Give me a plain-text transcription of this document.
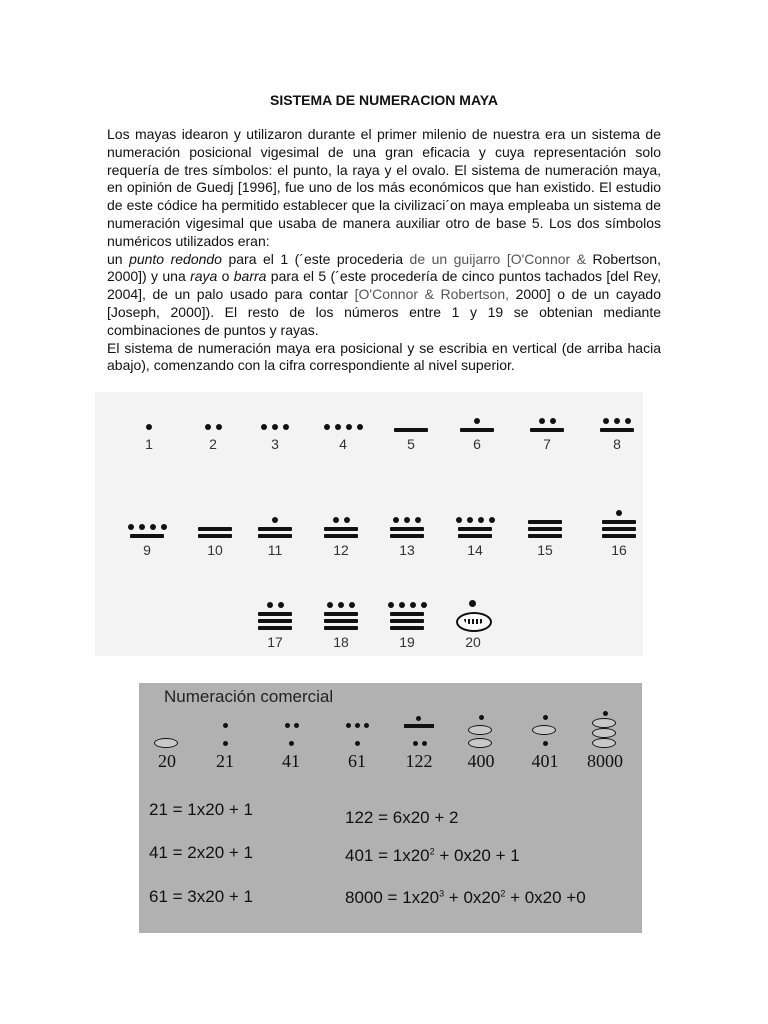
SISTEMA DE NUMERACION MAYA

Los mayas idearon y utilizaron durante el primer milenio de nuestra era un sistema de numeración posicional vigesimal de una gran eficacia y cuya representación solo requería de tres símbolos: el punto, la raya y el ovalo. El sistema de numeración maya, en opinión de Guedj [1996], fue uno de los más económicos que han existido. El estudio de este códice ha permitido establecer que la civilizaci´on maya empleaba un sistema de numeración vigesimal que usaba de manera auxiliar otro de base 5. Los dos símbolos numéricos utilizados eran:

un punto redondo para el 1 (´este procederia de un guijarro [O'Connor & Robertson, 2000]) y una raya o barra para el 5 (´este procedería de cinco puntos tachados [del Rey, 2004], de un palo usado para contar [O'Connor & Robertson, 2000] o de un cayado [Joseph, 2000]). El resto de los números entre 1 y 19 se obtenian mediante combinaciones de puntos y rayas.

El sistema de numeración maya era posicional y se escribia en vertical (de arriba hacia abajo), comenzando con la cifra correspondiente al nivel superior.

1	2	3	4	5	6	7	8
9	10	11	12	13	14	15	16
17	18	19	20
Numeración comercial
21 = 1x20 + 1
41 = 2x20 + 1
61 = 3x20 + 1
122 = 6x20 + 2
$401 = 1x20^2 + 0x20 + 1$
$8000 = 1x20^3 + 0x20^2 + 0x20 +0$
20	21	41	61	122	400	401	8000
